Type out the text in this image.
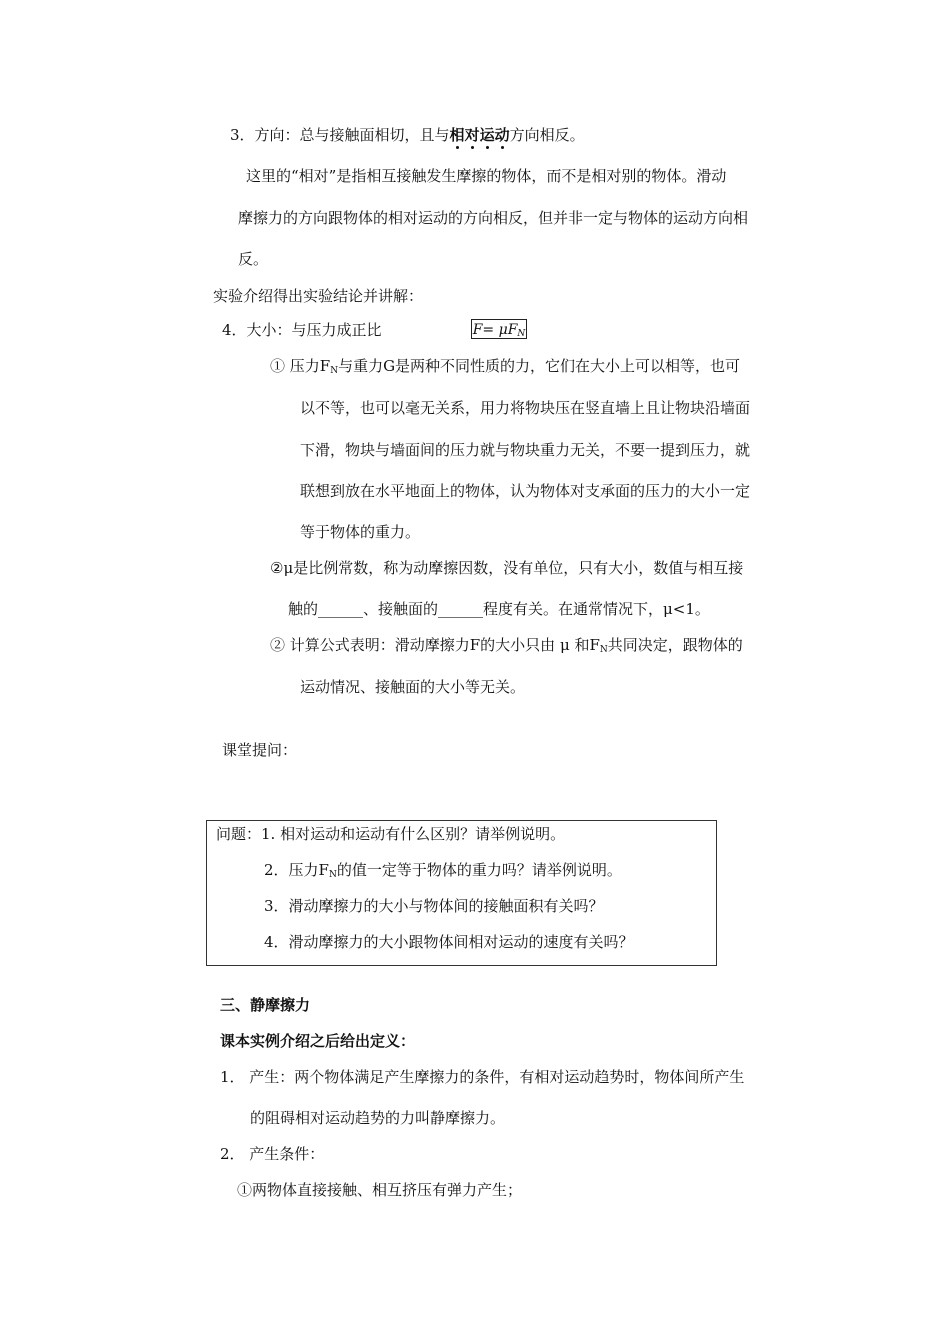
3．方向：总与接触面相切，且与相对运动方向相反。
这里的“相对”是指相互接触发生摩擦的物体，而不是相对别的物体。滑动
摩擦力的方向跟物体的相对运动的方向相反，但并非一定与物体的运动方向相
反。
实验介绍得出实验结论并讲解：
4．大小：与压力成正比	$F= \mu F_N$
① 压力$F_N$与重力G是两种不同性质的力，它们在大小上可以相等，也可
以不等，也可以毫无关系，用力将物块压在竖直墙上且让物块沿墙面
下滑，物块与墙面间的压力就与物块重力无关，不要一提到压力，就
联想到放在水平地面上的物体，认为物体对支承面的压力的大小一定
等于物体的重力。
②μ是比例常数，称为动摩擦因数，没有单位，只有大小，数值与相互接
触的______、接触面的______程度有关。在通常情况下，μ<1。
② 计算公式表明：滑动摩擦力F的大小只由 μ 和$F_N$共同决定，跟物体的
运动情况、接触面的大小等无关。
课堂提问：
问题：1. 相对运动和运动有什么区别？请举例说明。
2．压力$F_N$的值一定等于物体的重力吗？请举例说明。
3．滑动摩擦力的大小与物体间的接触面积有关吗？
4．滑动摩擦力的大小跟物体间相对运动的速度有关吗？
三、静摩擦力
课本实例介绍之后给出定义：
1． 产生：两个物体满足产生摩擦力的条件，有相对运动趋势时，物体间所产生
的阻碍相对运动趋势的力叫静摩擦力。
2． 产生条件：
①两物体直接接触、相互挤压有弹力产生；
